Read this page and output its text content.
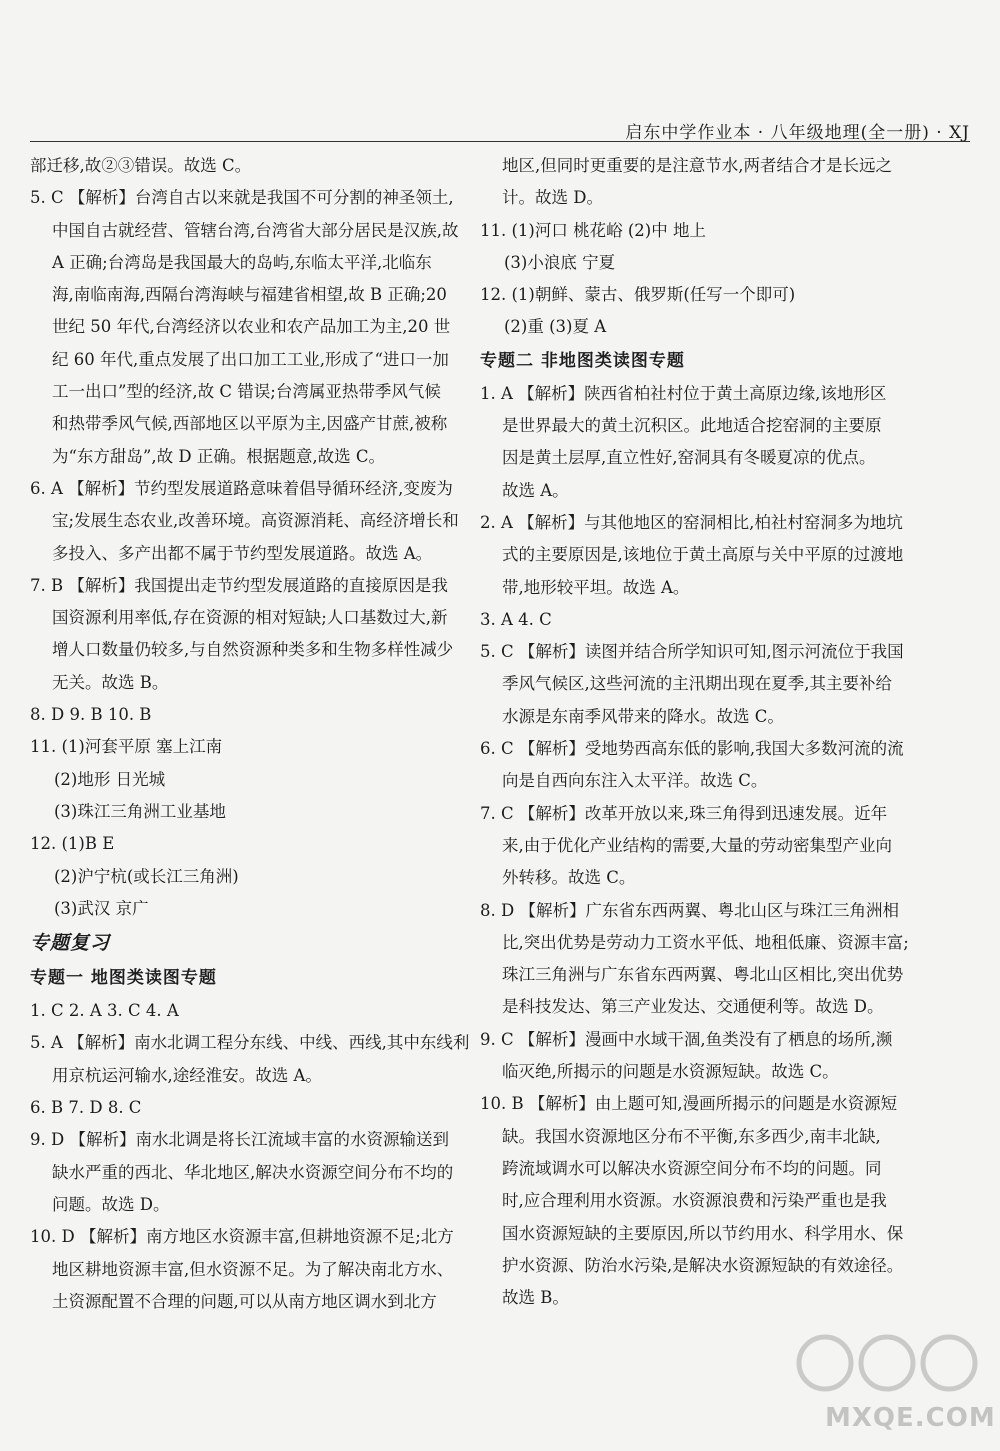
启东中学作业本 · 八年级地理(全一册) · XJ
部迁移,故②③错误。故选 C。
5. C 【解析】台湾自古以来就是我国不可分割的神圣领土,
中国自古就经营、管辖台湾,台湾省大部分居民是汉族,故
A 正确;台湾岛是我国最大的岛屿,东临太平洋,北临东
海,南临南海,西隔台湾海峡与福建省相望,故 B 正确;20
世纪 50 年代,台湾经济以农业和农产品加工为主,20 世
纪 60 年代,重点发展了出口加工工业,形成了“进口一加
工一出口”型的经济,故 C 错误;台湾属亚热带季风气候
和热带季风气候,西部地区以平原为主,因盛产甘蔗,被称
为“东方甜岛”,故 D 正确。根据题意,故选 C。
6. A 【解析】节约型发展道路意味着倡导循环经济,变废为
宝;发展生态农业,改善环境。高资源消耗、高经济增长和
多投入、多产出都不属于节约型发展道路。故选 A。
7. B 【解析】我国提出走节约型发展道路的直接原因是我
国资源利用率低,存在资源的相对短缺;人口基数过大,新
增人口数量仍较多,与自然资源种类多和生物多样性减少
无关。故选 B。
8. D 9. B 10. B
11. (1)河套平原 塞上江南
(2)地形 日光城
(3)珠江三角洲工业基地
12. (1)B E
(2)沪宁杭(或长江三角洲)
(3)武汉 京广
专题复习
专题一 地图类读图专题
1. C 2. A 3. C 4. A
5. A 【解析】南水北调工程分东线、中线、西线,其中东线利
用京杭运河输水,途经淮安。故选 A。
6. B 7. D 8. C
9. D 【解析】南水北调是将长江流域丰富的水资源输送到
缺水严重的西北、华北地区,解决水资源空间分布不均的
问题。故选 D。
10. D 【解析】南方地区水资源丰富,但耕地资源不足;北方
地区耕地资源丰富,但水资源不足。为了解决南北方水、
土资源配置不合理的问题,可以从南方地区调水到北方
地区,但同时更重要的是注意节水,两者结合才是长远之
计。故选 D。
11. (1)河口 桃花峪 (2)中 地上
(3)小浪底 宁夏
12. (1)朝鲜、蒙古、俄罗斯(任写一个即可)
(2)重 (3)夏 A
专题二 非地图类读图专题
1. A 【解析】陕西省柏社村位于黄土高原边缘,该地形区
是世界最大的黄土沉积区。此地适合挖窑洞的主要原
因是黄土层厚,直立性好,窑洞具有冬暖夏凉的优点。
故选 A。
2. A 【解析】与其他地区的窑洞相比,柏社村窑洞多为地坑
式的主要原因是,该地位于黄土高原与关中平原的过渡地
带,地形较平坦。故选 A。
3. A 4. C
5. C 【解析】读图并结合所学知识可知,图示河流位于我国
季风气候区,这些河流的主汛期出现在夏季,其主要补给
水源是东南季风带来的降水。故选 C。
6. C 【解析】受地势西高东低的影响,我国大多数河流的流
向是自西向东注入太平洋。故选 C。
7. C 【解析】改革开放以来,珠三角得到迅速发展。近年
来,由于优化产业结构的需要,大量的劳动密集型产业向
外转移。故选 C。
8. D 【解析】广东省东西两翼、粤北山区与珠江三角洲相
比,突出优势是劳动力工资水平低、地租低廉、资源丰富;
珠江三角洲与广东省东西两翼、粤北山区相比,突出优势
是科技发达、第三产业发达、交通便利等。故选 D。
9. C 【解析】漫画中水域干涸,鱼类没有了栖息的场所,濒
临灭绝,所揭示的问题是水资源短缺。故选 C。
10. B 【解析】由上题可知,漫画所揭示的问题是水资源短
缺。我国水资源地区分布不平衡,东多西少,南丰北缺,
跨流域调水可以解决水资源空间分布不均的问题。同
时,应合理利用水资源。水资源浪费和污染严重也是我
国水资源短缺的主要原因,所以节约用水、科学用水、保
护水资源、防治水污染,是解决水资源短缺的有效途径。
故选 B。
MXQE.COM
